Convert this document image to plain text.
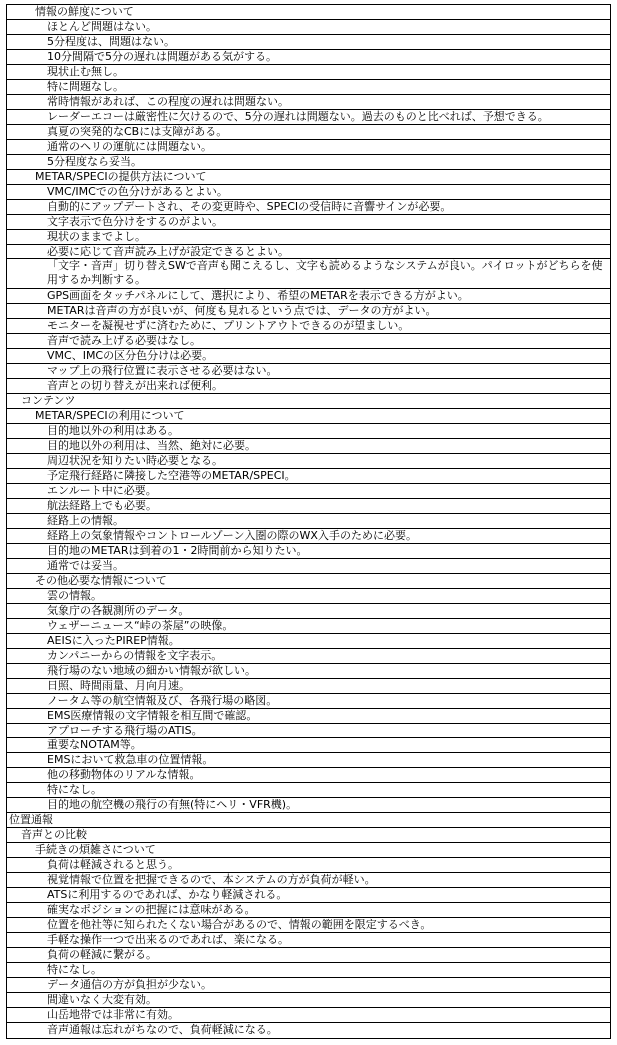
情報の鮮度について
ほとんど問題はない。
5分程度は、問題はない。
10分間隔で5分の遅れは問題がある気がする。
現状止む無し。
特に問題なし。
常時情報があれば、この程度の遅れは問題ない。
レーダーエコーは厳密性に欠けるので、5分の遅れは問題ない。過去のものと比べれば、予想できる。
真夏の突発的なCBには支障がある。
通常のヘリの運航には問題ない。
5分程度なら妥当。
METAR/SPECIの提供方法について
VMC/IMCでの色分けがあるとよい。
自動的にアップデートされ、その変更時や、SPECIの受信時に音響サインが必要。
文字表示で色分けをするのがよい。
現状のままでよし。
必要に応じて音声読み上げが設定できるとよい。
「文字・音声」切り替えSWで音声も聞こえるし、文字も読めるようなシステムが良い。パイロットがどちらを使用するか判断する。
GPS画面をタッチパネルにして、選択により、希望のMETARを表示できる方がよい。
METARは音声の方が良いが、何度も見れるという点では、データの方がよい。
モニターを凝視せずに済むために、プリントアウトできるのが望ましい。
音声で読み上げる必要はなし。
VMC、IMCの区分色分けは必要。
マップ上の飛行位置に表示させる必要はない。
音声との切り替えが出来れば便利。
コンテンツ
METAR/SPECIの利用について
目的地以外の利用はある。
目的地以外の利用は、当然、絶対に必要。
周辺状況を知りたい時必要となる。
予定飛行経路に隣接した空港等のMETAR/SPECI。
エンルート中に必要。
航法経路上でも必要。
経路上の情報。
経路上の気象情報やコントロールゾーン入圏の際のWX入手のために必要。
目的地のMETARは到着の1・2時間前から知りたい。
通常では妥当。
その他必要な情報について
雲の情報。
気象庁の各観測所のデータ。
ウェザーニュース“峠の茶屋”の映像。
AEISに入ったPIREP情報。
カンパニーからの情報を文字表示。
飛行場のない地域の細かい情報が欲しい。
日照、時間雨量、月向月速。
ノータム等の航空情報及び、各飛行場の略図。
EMS医療情報の文字情報を相互間で確認。
アプローチする飛行場のATIS。
重要なNOTAM等。
EMSにおいて救急車の位置情報。
他の移動物体のリアルな情報。
特になし。
目的地の航空機の飛行の有無(特にヘリ・VFR機)。
位置通報
音声との比較
手続きの煩雑さについて
負荷は軽減されると思う。
視覚情報で位置を把握できるので、本システムの方が負荷が軽い。
ATSに利用するのであれば、かなり軽減される。
確実なポジションの把握には意味がある。
位置を他社等に知られたくない場合があるので、情報の範囲を限定するべき。
手軽な操作一つで出来るのであれば、楽になる。
負荷の軽減に繋がる。
特になし。
データ通信の方が負担が少ない。
間違いなく大変有効。
山岳地帯では非常に有効。
音声通報は忘れがちなので、負荷軽減になる。
